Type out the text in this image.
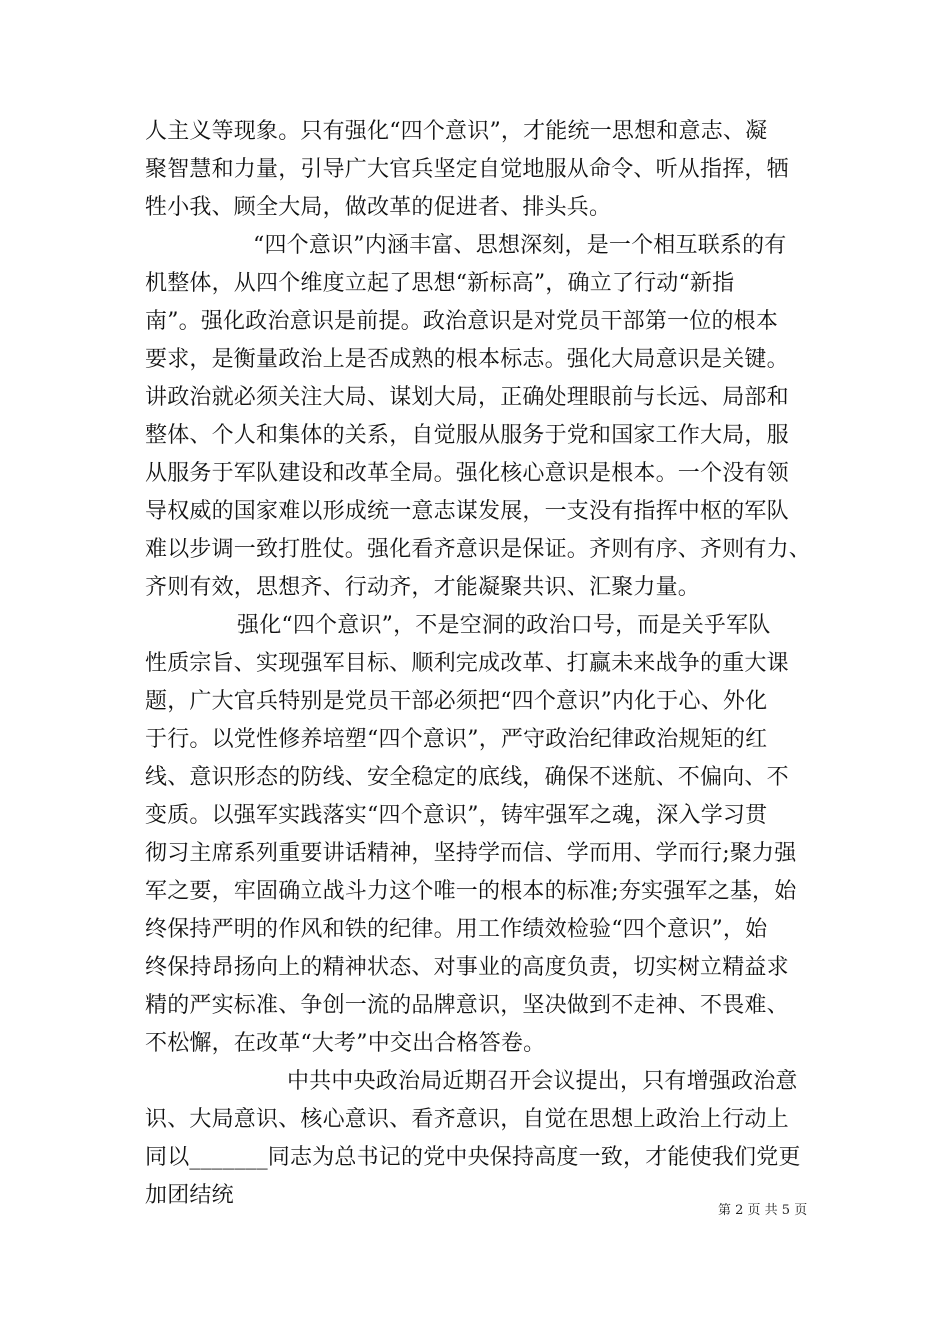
人主义等现象。只有强化“四个意识”，才能统一思想和意志、凝
聚智慧和力量，引导广大官兵坚定自觉地服从命令、听从指挥，牺
牲小我、顾全大局，做改革的促进者、排头兵。
“四个意识”内涵丰富、思想深刻，是一个相互联系的有
机整体，从四个维度立起了思想“新标高”，确立了行动“新指
南”。强化政治意识是前提。政治意识是对党员干部第一位的根本
要求，是衡量政治上是否成熟的根本标志。强化大局意识是关键。
讲政治就必须关注大局、谋划大局，正确处理眼前与长远、局部和
整体、个人和集体的关系，自觉服从服务于党和国家工作大局，服
从服务于军队建设和改革全局。强化核心意识是根本。一个没有领
导权威的国家难以形成统一意志谋发展，一支没有指挥中枢的军队
难以步调一致打胜仗。强化看齐意识是保证。齐则有序、齐则有力、
齐则有效，思想齐、行动齐，才能凝聚共识、汇聚力量。
强化“四个意识”，不是空洞的政治口号，而是关乎军队
性质宗旨、实现强军目标、顺利完成改革、打赢未来战争的重大课
题，广大官兵特别是党员干部必须把“四个意识”内化于心、外化
于行。以党性修养培塑“四个意识”，严守政治纪律政治规矩的红
线、意识形态的防线、安全稳定的底线，确保不迷航、不偏向、不
变质。以强军实践落实“四个意识”，铸牢强军之魂，深入学习贯
彻习主席系列重要讲话精神，坚持学而信、学而用、学而行;聚力强
军之要，牢固确立战斗力这个唯一的根本的标准;夯实强军之基，始
终保持严明的作风和铁的纪律。用工作绩效检验“四个意识”，始
终保持昂扬向上的精神状态、对事业的高度负责，切实树立精益求
精的严实标准、争创一流的品牌意识，坚决做到不走神、不畏难、
不松懈，在改革“大考”中交出合格答卷。
中共中央政治局近期召开会议提出，只有增强政治意
识、大局意识、核心意识、看齐意识，自觉在思想上政治上行动上
同以_______同志为总书记的党中央保持高度一致，才能使我们党更
加团结统
第 2 页 共 5 页
